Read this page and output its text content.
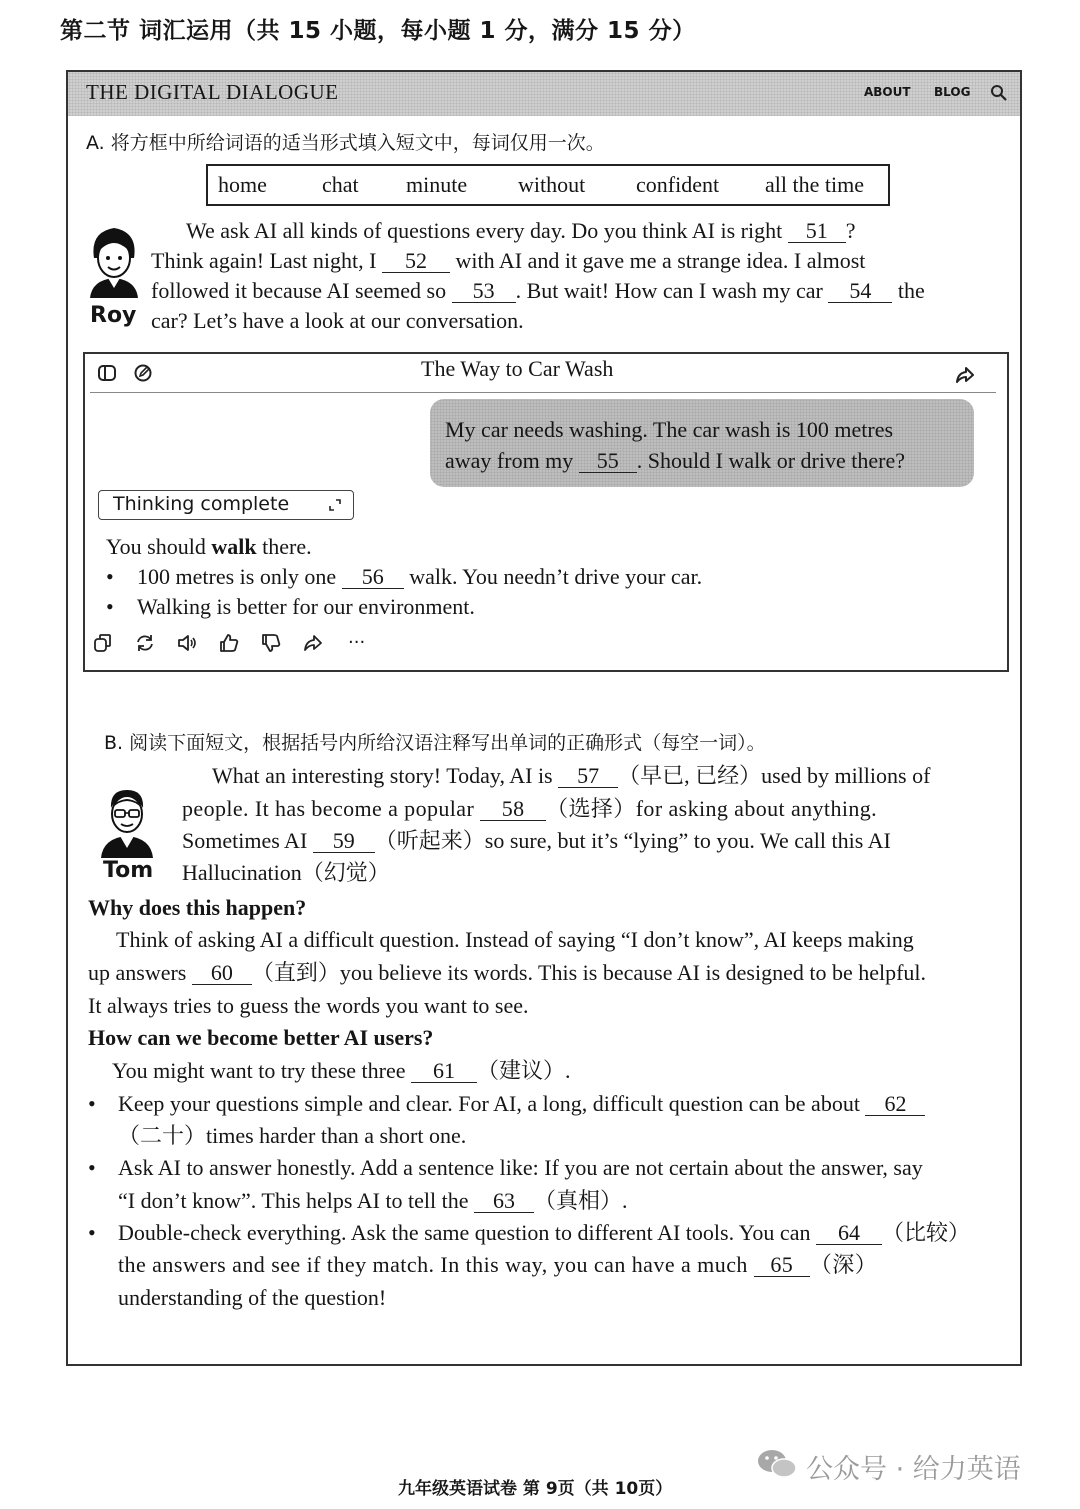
第二节 词汇运用（共 15 小题，每小题 1 分，满分 15 分）
THE DIGITAL DIALOGUE	ABOUT BLOG
A. 将方框中所给词语的适当形式填入短文中，每词仅用一次。
home	chat minute without confident all the time
Roy
We ask AI all kinds of questions every day. Do you think AI is right 51 ?
Think again! Last night, I 52 with AI and it gave me a strange idea. I almost
followed it because AI seemed so 53 . But wait! How can I wash my car 54 the
car? Let’s have a look at our conversation.
The Way to Car Wash
My car needs washing. The car wash is 100 metres
away from my 55 . Should I walk or drive there?
Thinking complete
You should walk there.
• 100 metres is only one 56 walk. You needn’t drive your car.
• Walking is better for our environment.
···
B. 阅读下面短文，根据括号内所给汉语注释写出单词的正确形式（每空一词）。
Tom
What an interesting story! Today, AI is 57 （早已, 已经）used by millions of
people. It has become a popular 58 （选择）for asking about anything.
Sometimes AI 59 （听起来）so sure, but it’s “lying” to you. We call this AI
Hallucination（幻觉）
Why does this happen?
Think of asking AI a difficult question. Instead of saying “I don’t know”, AI keeps making
up answers 60 （直到）you believe its words. This is because AI is designed to be helpful.
It always tries to guess the words you want to see.
How can we become better AI users?
You might want to try these three 61 （建议）.
• Keep your questions simple and clear. For AI, a long, difficult question can be about 62
（二十）times harder than a short one.
• Ask AI to answer honestly. Add a sentence like: If you are not certain about the answer, say
“I don’t know”. This helps AI to tell the 63 （真相）.
• Double-check everything. Ask the same question to different AI tools. You can 64 （比较）
the answers and see if they match. In this way, you can have a much 65 （深）
understanding of the question!
公众号 · 给力英语
九年级英语试卷 第 9页（共 10页）
